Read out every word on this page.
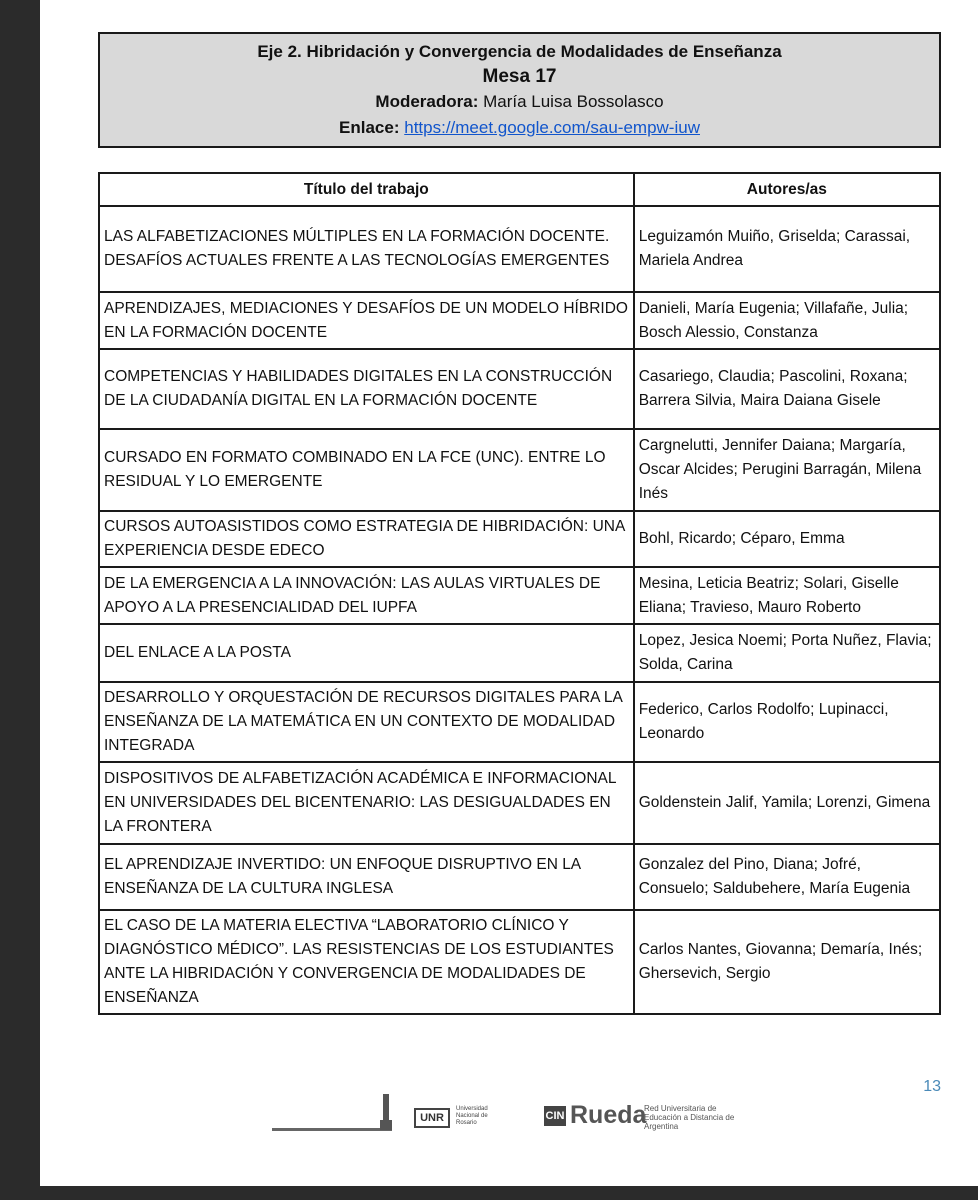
Eje 2. Hibridación y Convergencia de Modalidades de Enseñanza
Mesa 17
Moderadora: María Luisa Bossolasco
Enlace: https://meet.google.com/sau-empw-iuw
Título del trabajo	Autores/as
LAS ALFABETIZACIONES MÚLTIPLES EN LA FORMACIÓN DOCENTE. DESAFÍOS ACTUALES FRENTE A LAS TECNOLOGÍAS EMERGENTES	Leguizamón Muiño, Griselda; Carassai, Mariela Andrea
APRENDIZAJES, MEDIACIONES Y DESAFÍOS DE UN MODELO HÍBRIDO EN LA FORMACIÓN DOCENTE	Danieli, María Eugenia; Villafañe, Julia; Bosch Alessio, Constanza
COMPETENCIAS Y HABILIDADES DIGITALES EN LA CONSTRUCCIÓN DE LA CIUDADANÍA DIGITAL EN LA FORMACIÓN DOCENTE	Casariego, Claudia; Pascolini, Roxana; Barrera Silvia, Maira Daiana Gisele
CURSADO EN FORMATO COMBINADO EN LA FCE (UNC). ENTRE LO RESIDUAL Y LO EMERGENTE	Cargnelutti, Jennifer Daiana; Margaría, Oscar Alcides; Perugini Barragán, Milena Inés
CURSOS AUTOASISTIDOS COMO ESTRATEGIA DE HIBRIDACIÓN: UNA EXPERIENCIA DESDE EDECO	Bohl, Ricardo; Céparo, Emma
DE LA EMERGENCIA A LA INNOVACIÓN: LAS AULAS VIRTUALES DE APOYO A LA PRESENCIALIDAD DEL IUPFA	Mesina, Leticia Beatriz; Solari, Giselle Eliana; Travieso, Mauro Roberto
DEL ENLACE A LA POSTA	Lopez, Jesica Noemi; Porta Nuñez, Flavia; Solda, Carina
DESARROLLO Y ORQUESTACIÓN DE RECURSOS DIGITALES PARA LA ENSEÑANZA DE LA MATEMÁTICA EN UN CONTEXTO DE MODALIDAD INTEGRADA	Federico, Carlos Rodolfo; Lupinacci, Leonardo
DISPOSITIVOS DE ALFABETIZACIÓN ACADÉMICA E INFORMACIONAL EN UNIVERSIDADES DEL BICENTENARIO: LAS DESIGUALDADES EN LA FRONTERA	Goldenstein Jalif, Yamila; Lorenzi, Gimena
EL APRENDIZAJE INVERTIDO: UN ENFOQUE DISRUPTIVO EN LA ENSEÑANZA DE LA CULTURA INGLESA	Gonzalez del Pino, Diana; Jofré, Consuelo; Saldubehere, María Eugenia
EL CASO DE LA MATERIA ELECTIVA “LABORATORIO CLÍNICO Y DIAGNÓSTICO MÉDICO”. LAS RESISTENCIAS DE LOS ESTUDIANTES ANTE LA HIBRIDACIÓN Y CONVERGENCIA DE MODALIDADES DE ENSEÑANZA	Carlos Nantes, Giovanna; Demaría, Inés; Ghersevich, Sergio
13
UNR
Universidad Nacional de Rosario
CIN Rueda
Red Universitaria de Educación a Distancia de Argentina
